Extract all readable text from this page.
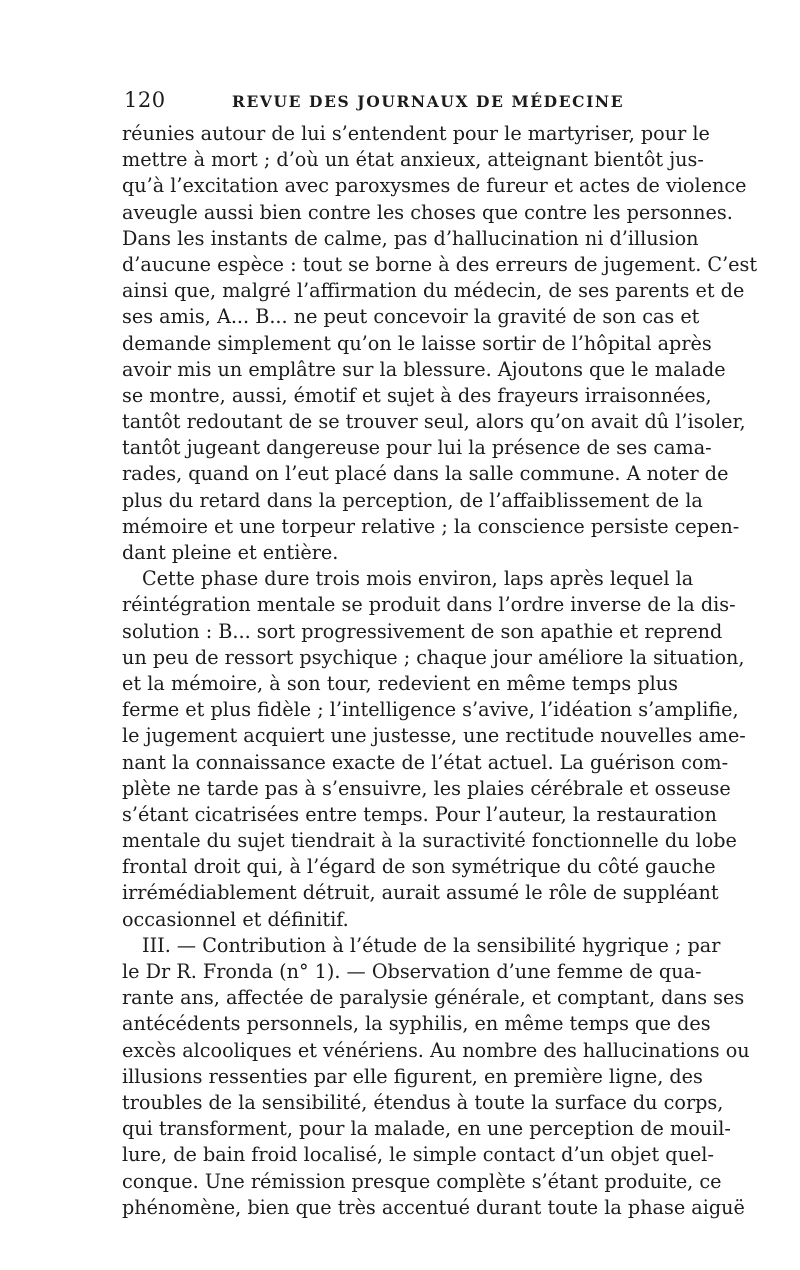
120	REVUE DES JOURNAUX DE MÉDECINE
réunies autour de lui s’entendent pour le martyriser, pour le
mettre à mort ; d’où un état anxieux, atteignant bientôt jus-
qu’à l’excitation avec paroxysmes de fureur et actes de violence
aveugle aussi bien contre les choses que contre les personnes.
Dans les instants de calme, pas d’hallucination ni d’illusion
d’aucune espèce : tout se borne à des erreurs de jugement. C’est
ainsi que, malgré l’affirmation du médecin, de ses parents et de
ses amis, A... B... ne peut concevoir la gravité de son cas et
demande simplement qu’on le laisse sortir de l’hôpital après
avoir mis un emplâtre sur la blessure. Ajoutons que le malade
se montre, aussi, émotif et sujet à des frayeurs irraisonnées,
tantôt redoutant de se trouver seul, alors qu’on avait dû l’isoler,
tantôt jugeant dangereuse pour lui la présence de ses cama-
rades, quand on l’eut placé dans la salle commune. A noter de
plus du retard dans la perception, de l’affaiblissement de la
mémoire et une torpeur relative ; la conscience persiste cepen-
dant pleine et entière.
Cette phase dure trois mois environ, laps après lequel la
réintégration mentale se produit dans l’ordre inverse de la dis-
solution : B... sort progressivement de son apathie et reprend
un peu de ressort psychique ; chaque jour améliore la situation,
et la mémoire, à son tour, redevient en même temps plus
ferme et plus fidèle ; l’intelligence s’avive, l’idéation s’amplifie,
le jugement acquiert une justesse, une rectitude nouvelles ame-
nant la connaissance exacte de l’état actuel. La guérison com-
plète ne tarde pas à s’ensuivre, les plaies cérébrale et osseuse
s’étant cicatrisées entre temps. Pour l’auteur, la restauration
mentale du sujet tiendrait à la suractivité fonctionnelle du lobe
frontal droit qui, à l’égard de son symétrique du côté gauche
irrémédiablement détruit, aurait assumé le rôle de suppléant
occasionnel et définitif.
III. — Contribution à l’étude de la sensibilité hygrique ; par
le Dr R. Fronda (n° 1). — Observation d’une femme de qua-
rante ans, affectée de paralysie générale, et comptant, dans ses
antécédents personnels, la syphilis, en même temps que des
excès alcooliques et vénériens. Au nombre des hallucinations ou
illusions ressenties par elle figurent, en première ligne, des
troubles de la sensibilité, étendus à toute la surface du corps,
qui transforment, pour la malade, en une perception de mouil-
lure, de bain froid localisé, le simple contact d’un objet quel-
conque. Une rémission presque complète s’étant produite, ce
phénomène, bien que très accentué durant toute la phase aiguë
